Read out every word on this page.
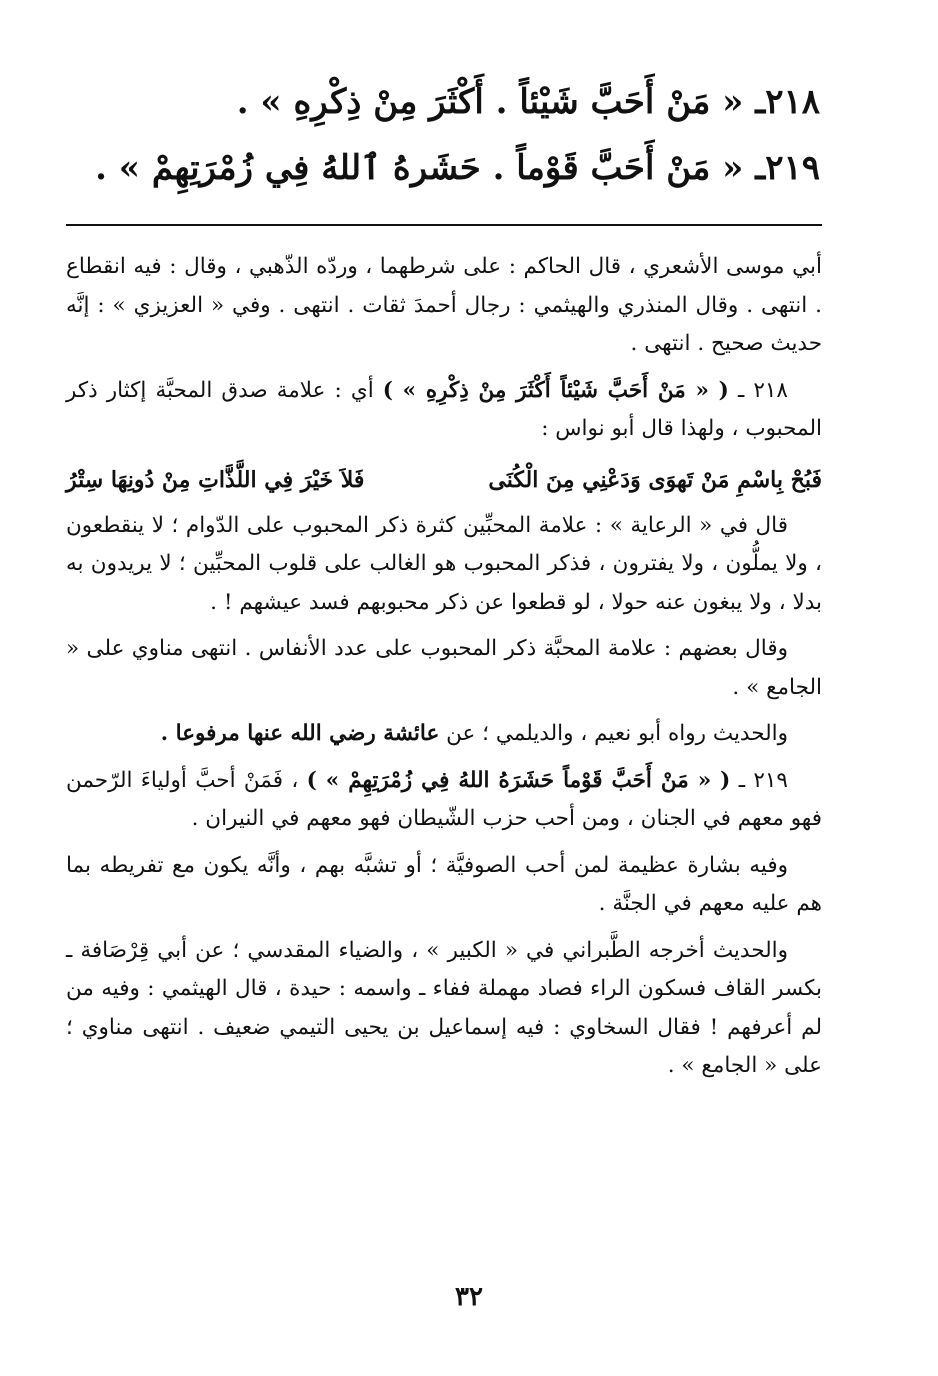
٢١٨ـ « مَنْ أَحَبَّ شَيْئاً . أَكْثَرَ مِنْ ذِكْرِهِ » .
٢١٩ـ « مَنْ أَحَبَّ قَوْماً . حَشَرهُ ٱللهُ فِي زُمْرَتِهِمْ » .

أبي موسى الأشعري ، قال الحاكم : على شرطهما ، وردّه الذّهبي ، وقال : فيه انقطاع . انتهى . وقال المنذري والهيثمي : رجال أحمدَ ثقات . انتهى . وفي « العزيزي » : إنَّه حديث صحيح . انتهى .

٢١٨ ـ ( « مَنْ أَحَبَّ شَيْئاً أَكْثَرَ مِنْ ذِكْرِهِ » ) أي : علامة صدق المحبَّة إكثار ذكر المحبوب ، ولهذا قال أبو نواس :

فَبُحْ بِاسْمِ مَنْ تَهوَى وَدَعْنِي مِنَ الْكُنَى
فَلاَ خَيْرَ فِي اللَّذَّاتِ مِنْ دُونِهَا سِتْرُ

قال في « الرعاية » : علامة المحبِّين كثرة ذكر المحبوب على الدّوام ؛ لا ينقطعون ، ولا يملُّون ، ولا يفترون ، فذكر المحبوب هو الغالب على قلوب المحبِّين ؛ لا يريدون به بدلا ، ولا يبغون عنه حولا ، لو قطعوا عن ذكر محبوبهم فسد عيشهم ! .

وقال بعضهم : علامة المحبَّة ذكر المحبوب على عدد الأنفاس . انتهى مناوي على « الجامع » .

والحديث رواه أبو نعيم ، والديلمي ؛ عن عائشة رضي الله عنها مرفوعا .

٢١٩ ـ ( « مَنْ أَحَبَّ قَوْماً حَشَرَهُ اللهُ فِي زُمْرَتِهِمْ » ) ، فَمَنْ أحبَّ أولياءَ الرّحمن فهو معهم في الجنان ، ومن أحب حزب الشّيطان فهو معهم في النيران .

وفيه بشارة عظيمة لمن أحب الصوفيَّة ؛ أو تشبَّه بهم ، وأنَّه يكون مع تفريطه بما هم عليه معهم في الجنَّة .

والحديث أخرجه الطَّبراني في « الكبير » ، والضياء المقدسي ؛ عن أبي قِرْصَافة ـ بكسر القاف فسكون الراء فصاد مهملة ففاء ـ واسمه : حيدة ، قال الهيثمي : وفيه من لم أعرفهم ! فقال السخاوي : فيه إسماعيل بن يحيى التيمي ضعيف . انتهى مناوي ؛ على « الجامع » .

٣٢
